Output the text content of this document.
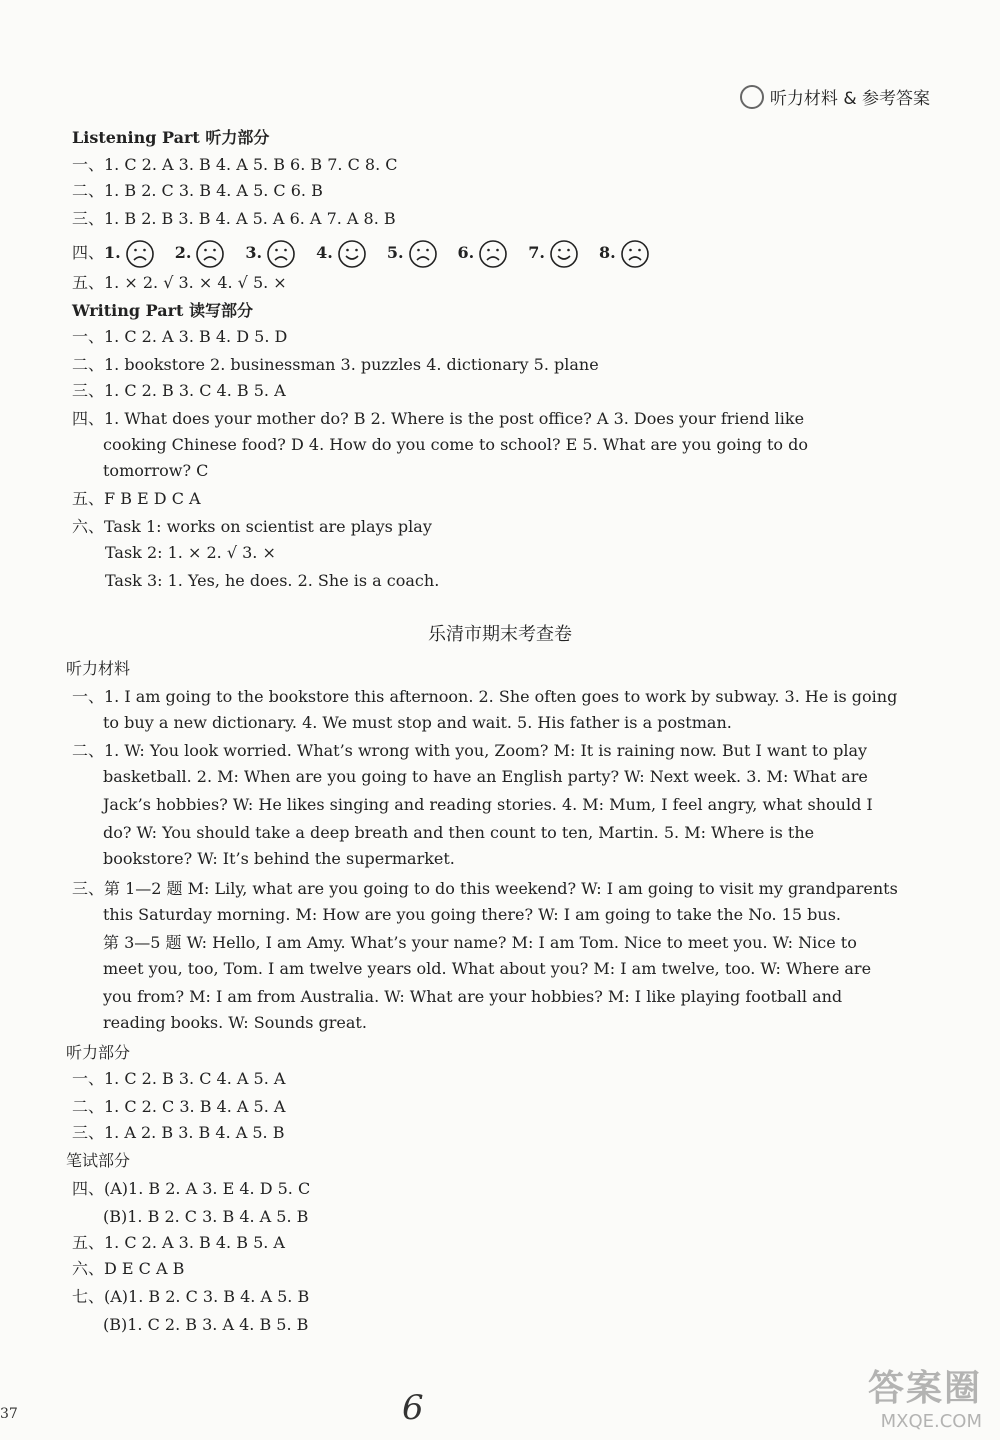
听力材料 & 参考答案
Listening Part 听力部分
一、1. C 2. A 3. B 4. A 5. B 6. B 7. C 8. C
二、1. B 2. C 3. B 4. A 5. C 6. B
三、1. B 2. B 3. B 4. A 5. A 6. A 7. A 8. B
四、1.	2.	3.	4.	5.	6.	7.	8.
五、1. × 2. √ 3. × 4. √ 5. ×
Writing Part 读写部分
一、1. C 2. A 3. B 4. D 5. D
二、1. bookstore 2. businessman 3. puzzles 4. dictionary 5. plane
三、1. C 2. B 3. C 4. B 5. A
四、1. What does your mother do? B 2. Where is the post office? A 3. Does your friend like
cooking Chinese food? D 4. How do you come to school? E 5. What are you going to do
tomorrow? C
五、F B E D C A
六、Task 1: works on scientist are plays play
Task 2: 1. × 2. √ 3. ×
Task 3: 1. Yes, he does. 2. She is a coach.
乐清市期末考查卷
听力材料
一、1. I am going to the bookstore this afternoon. 2. She often goes to work by subway. 3. He is going
to buy a new dictionary. 4. We must stop and wait. 5. His father is a postman.
二、1. W: You look worried. What’s wrong with you, Zoom? M: It is raining now. But I want to play
basketball. 2. M: When are you going to have an English party? W: Next week. 3. M: What are
Jack’s hobbies? W: He likes singing and reading stories. 4. M: Mum, I feel angry, what should I
do? W: You should take a deep breath and then count to ten, Martin. 5. M: Where is the
bookstore? W: It’s behind the supermarket.
三、第 1—2 题 M: Lily, what are you going to do this weekend? W: I am going to visit my grandparents
this Saturday morning. M: How are you going there? W: I am going to take the No. 15 bus.
第 3—5 题 W: Hello, I am Amy. What’s your name? M: I am Tom. Nice to meet you. W: Nice to
meet you, too, Tom. I am twelve years old. What about you? M: I am twelve, too. W: Where are
you from? M: I am from Australia. W: What are your hobbies? M: I like playing football and
reading books. W: Sounds great.
听力部分
一、1. C 2. B 3. C 4. A 5. A
二、1. C 2. C 3. B 4. A 5. A
三、1. A 2. B 3. B 4. A 5. B
笔试部分
四、(A)1. B 2. A 3. E 4. D 5. C
(B)1. B 2. C 3. B 4. A 5. B
五、1. C 2. A 3. B 4. B 5. A
六、D E C A B
七、(A)1. B 2. C 3. B 4. A 5. B
(B)1. C 2. B 3. A 4. B 5. B
37	6	答案圈
MXQE.COM
